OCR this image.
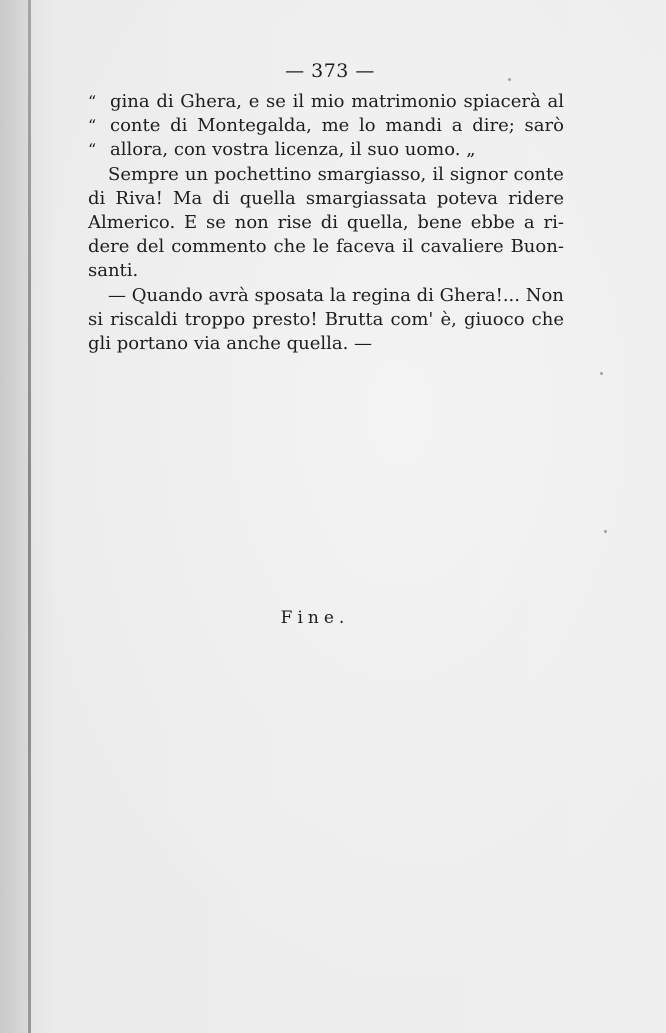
— 373 —
“ gina di Ghera, e se il mio matrimonio spiacerà al
“ conte di Montegalda, me lo mandi a dire; sarò
“ allora, con vostra licenza, il suo uomo. „
Sempre un pochettino smargiasso, il signor conte
di Riva! Ma di quella smargiassata poteva ridere
Almerico. E se non rise di quella, bene ebbe a ri-
dere del commento che le faceva il cavaliere Buon-
santi.
— Quando avrà sposata la regina di Ghera!... Non
si riscaldi troppo presto! Brutta com' è, giuoco che
gli portano via anche quella. —
Fine.
